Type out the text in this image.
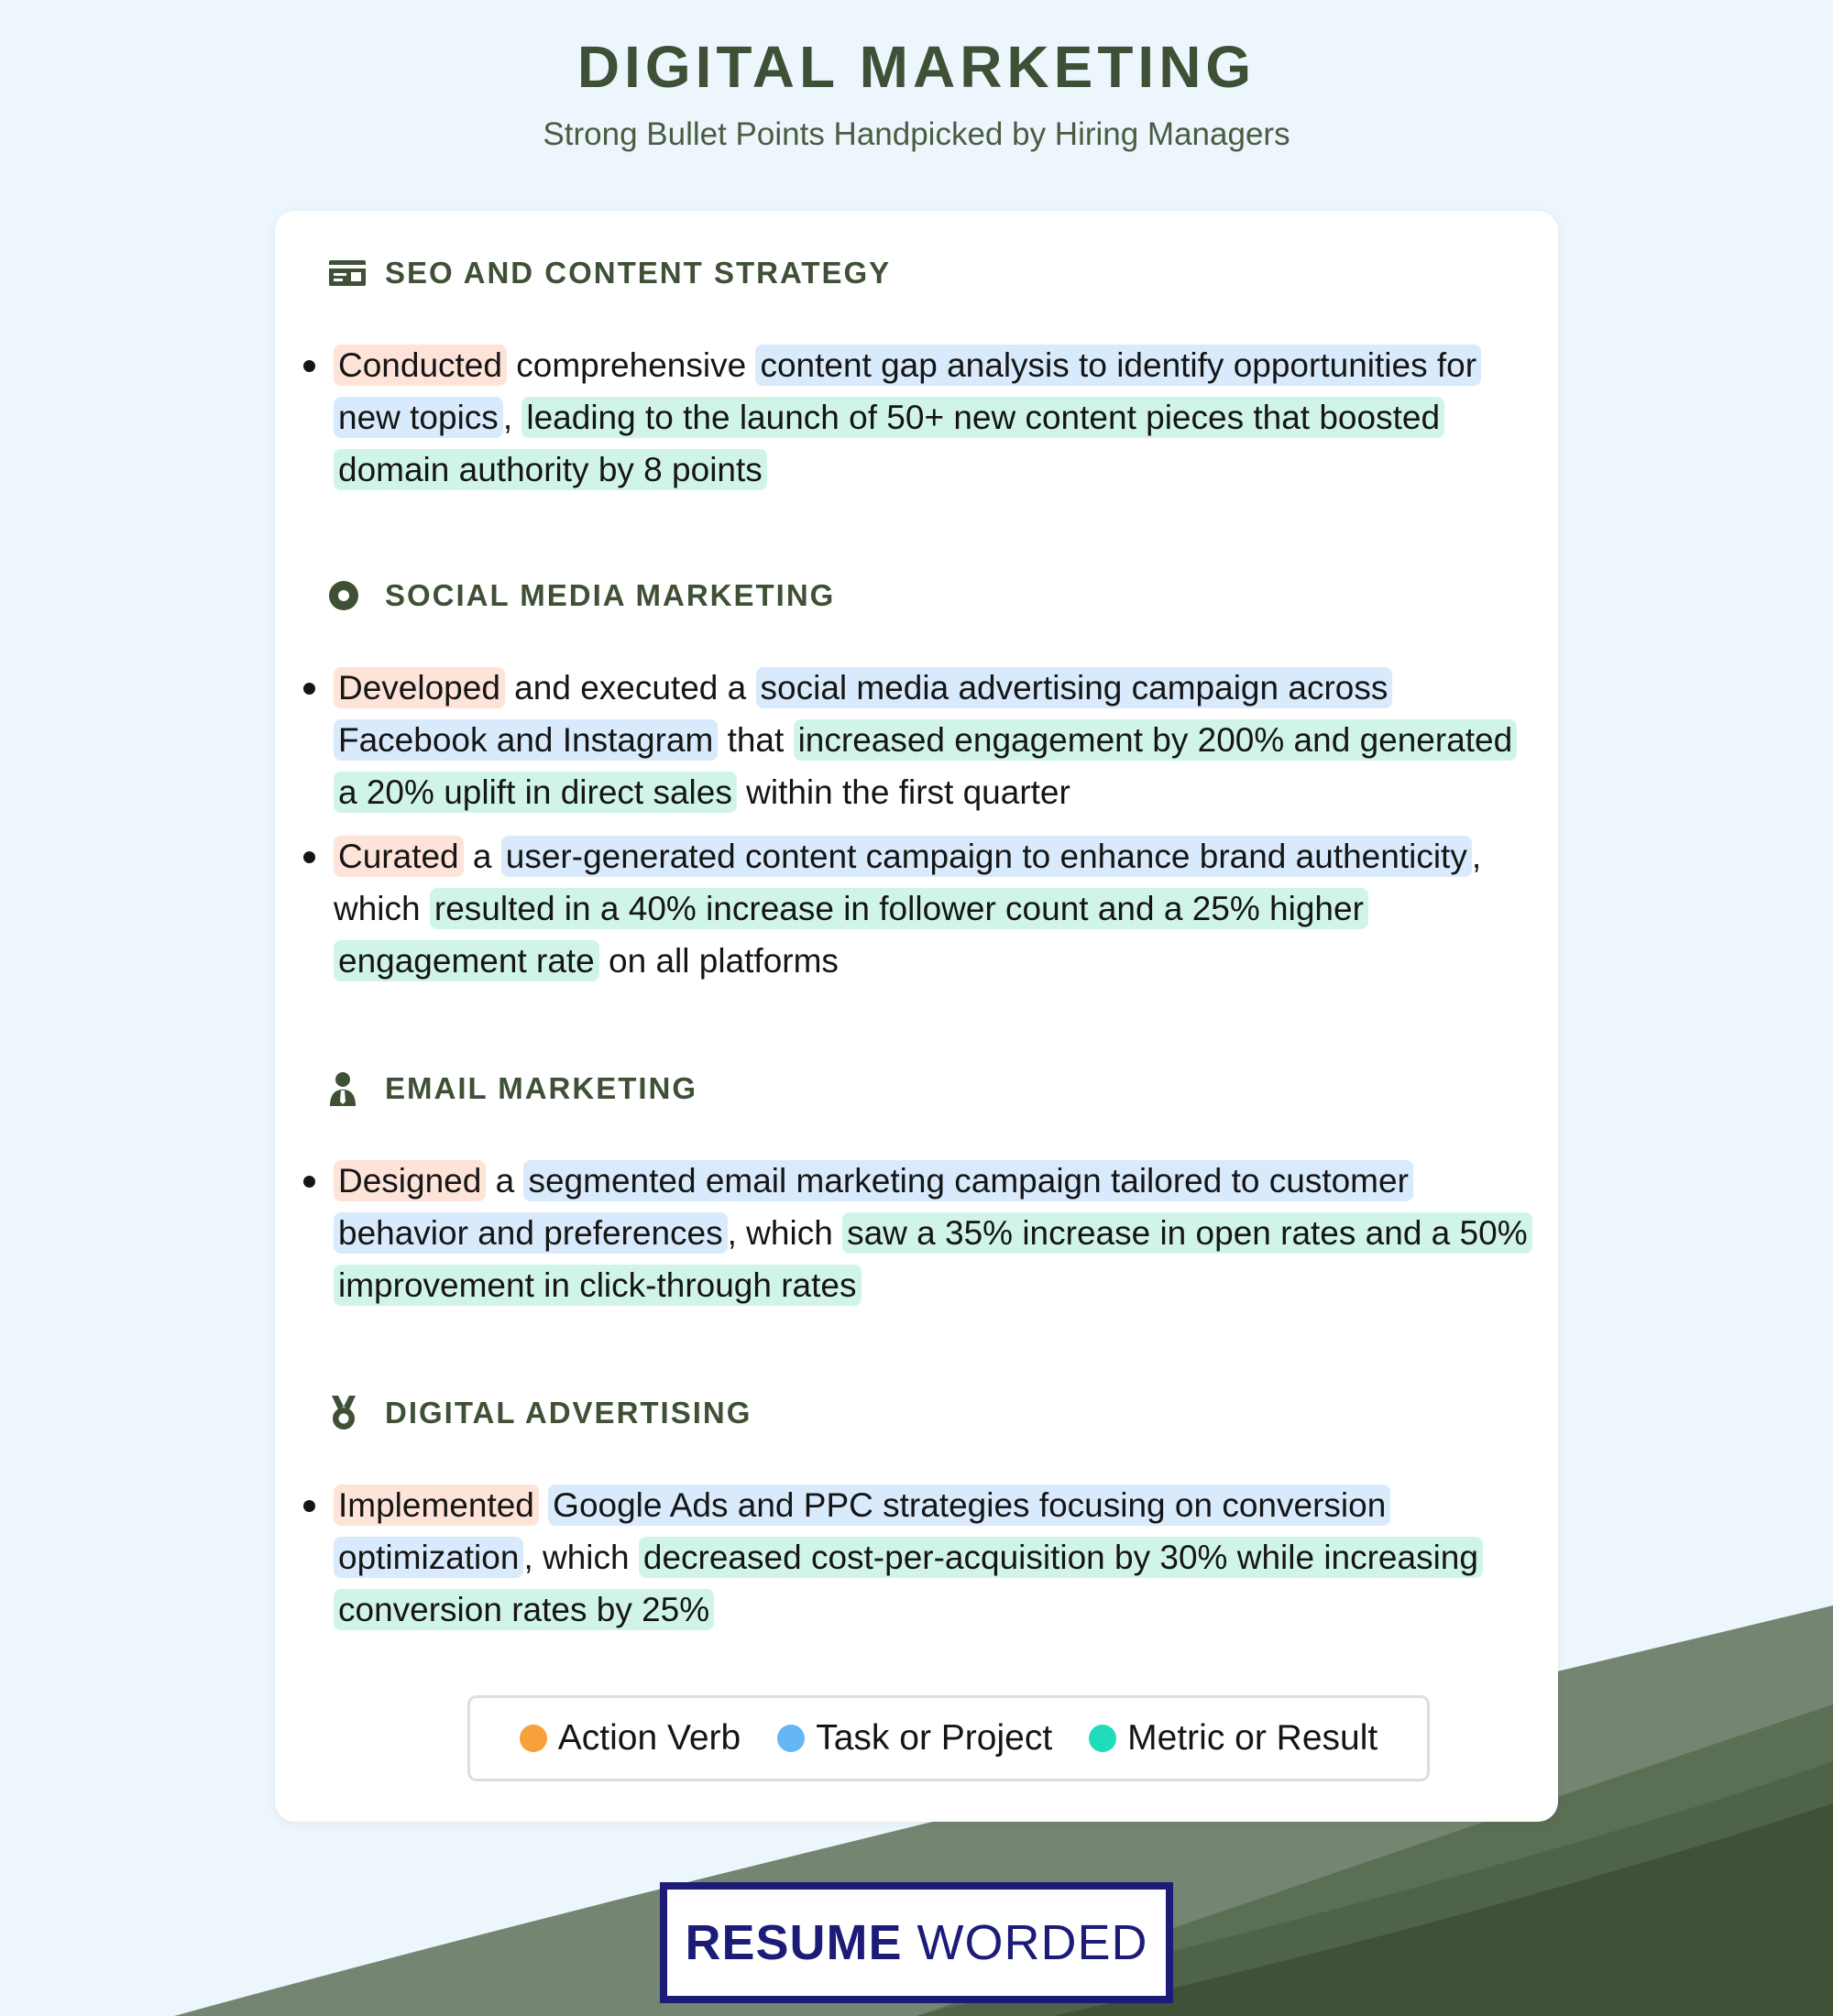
DIGITAL MARKETING
Strong Bullet Points Handpicked by Hiring Managers
SEO AND CONTENT STRATEGY
Conducted comprehensive content gap analysis to identify opportunities for new topics , leading to the launch of 50+ new content pieces that boosted domain authority by 8 points
SOCIAL MEDIA MARKETING
Developed and executed a social media advertising campaign across Facebook and Instagram that increased engagement by 200% and generated a 20% uplift in direct sales within the first quarter
Curated a user-generated content campaign to enhance brand authenticity , which resulted in a 40% increase in follower count and a 25% higher engagement rate on all platforms
EMAIL MARKETING
Designed a segmented email marketing campaign tailored to customer behavior and preferences , which saw a 35% increase in open rates and a 50% improvement in click-through rates
DIGITAL ADVERTISING
Implemented Google Ads and PPC strategies focusing on conversion optimization , which decreased cost-per-acquisition by 30% while increasing conversion rates by 25%
Action Verb Task or Project Metric or Result
RESUME WORDED
